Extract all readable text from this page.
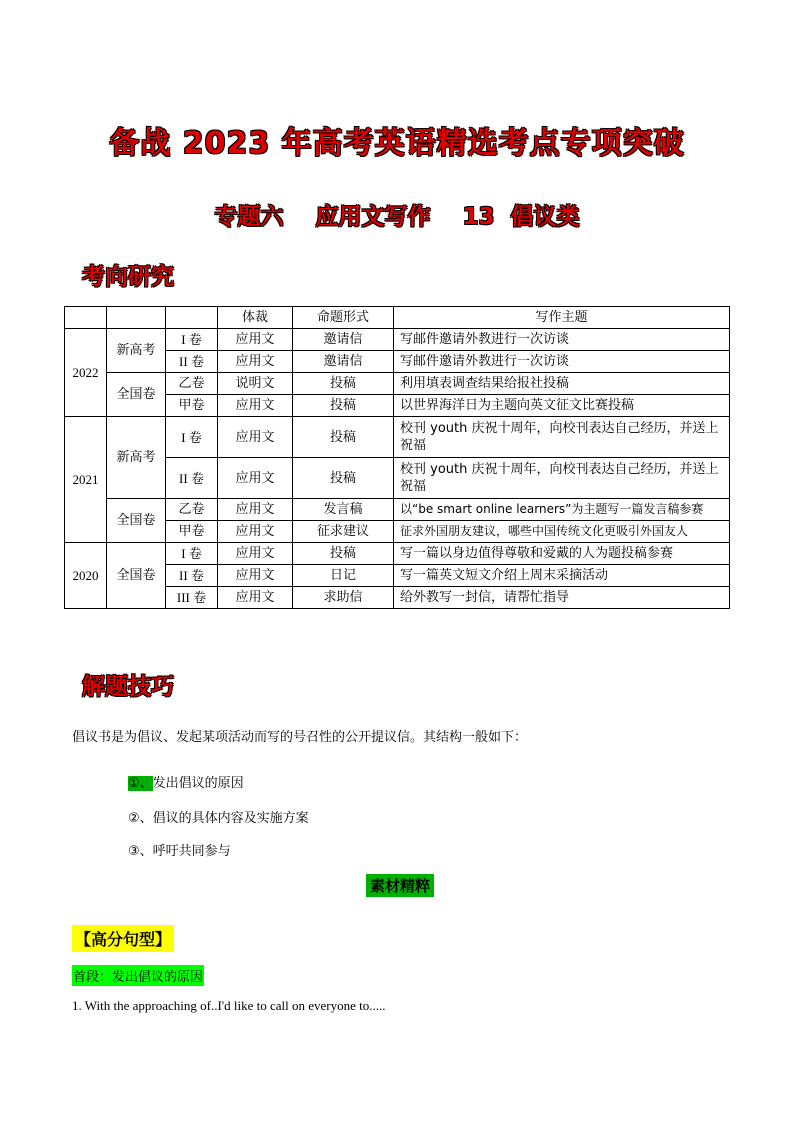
备战 2023 年高考英语精选考点专项突破
专题六    应用文写作    13  倡议类
考向研究
			体裁	命题形式	写作主题
2022	新高考	I 卷	应用文	邀请信	写邮件邀请外教进行一次访谈
		II 卷	应用文	邀请信	写邮件邀请外教进行一次访谈
	全国卷	乙卷	说明文	投稿	利用填表调查结果给报社投稿
		甲卷	应用文	投稿	以世界海洋日为主题向英文征文比赛投稿
2021	新高考	I 卷	应用文	投稿	校刊 youth 庆祝十周年，向校刊表达自己经历，并送上祝福
		II 卷	应用文	投稿	校刊 youth 庆祝十周年，向校刊表达自己经历，并送上祝福
	全国卷	乙卷	应用文	发言稿	以“be smart online learners”为主题写一篇发言稿参赛
		甲卷	应用文	征求建议	征求外国朋友建议，哪些中国传统文化更吸引外国友人
2020	全国卷	I 卷	应用文	投稿	写一篇以身边值得尊敬和爱戴的人为题投稿参赛
		II 卷	应用文	日记	写一篇英文短文介绍上周末采摘活动
		III 卷	应用文	求助信	给外教写一封信，请帮忙指导
解题技巧
倡议书是为倡议、发起某项活动而写的号召性的公开提议信。其结构一般如下：
①、发出倡议的原因
②、倡议的具体内容及实施方案
③、呼吁共同参与
素材精粹
【高分句型】
首段：发出倡议的原因
1. With the approaching of..I'd like to call on everyone to.....
